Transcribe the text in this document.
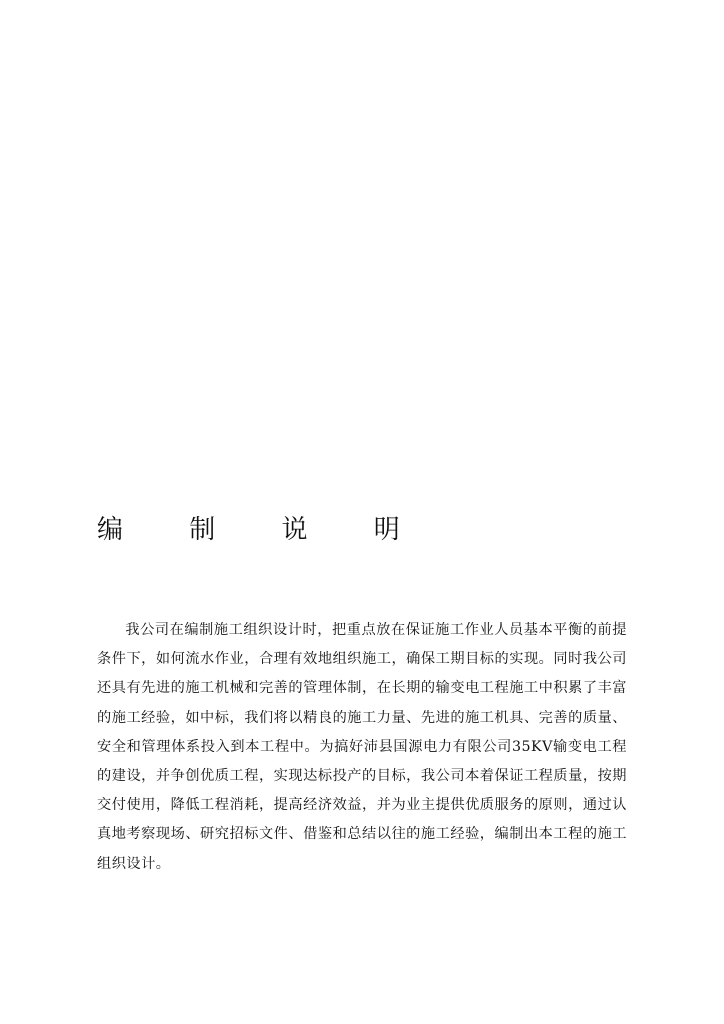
编 制 说 明

我公司在编制施工组织设计时，把重点放在保证施工作业人员基本平衡的前提条件下，如何流水作业，合理有效地组织施工，确保工期目标的实现。同时我公司还具有先进的施工机械和完善的管理体制，在长期的输变电工程施工中积累了丰富的施工经验，如中标，我们将以精良的施工力量、先进的施工机具、完善的质量、安全和管理体系投入到本工程中。为搞好沛县国源电力有限公司35KV输变电工程的建设，并争创优质工程，实现达标投产的目标，我公司本着保证工程质量，按期交付使用，降低工程消耗，提高经济效益，并为业主提供优质服务的原则，通过认真地考察现场、研究招标文件、借鉴和总结以往的施工经验，编制出本工程的施工组织设计。
